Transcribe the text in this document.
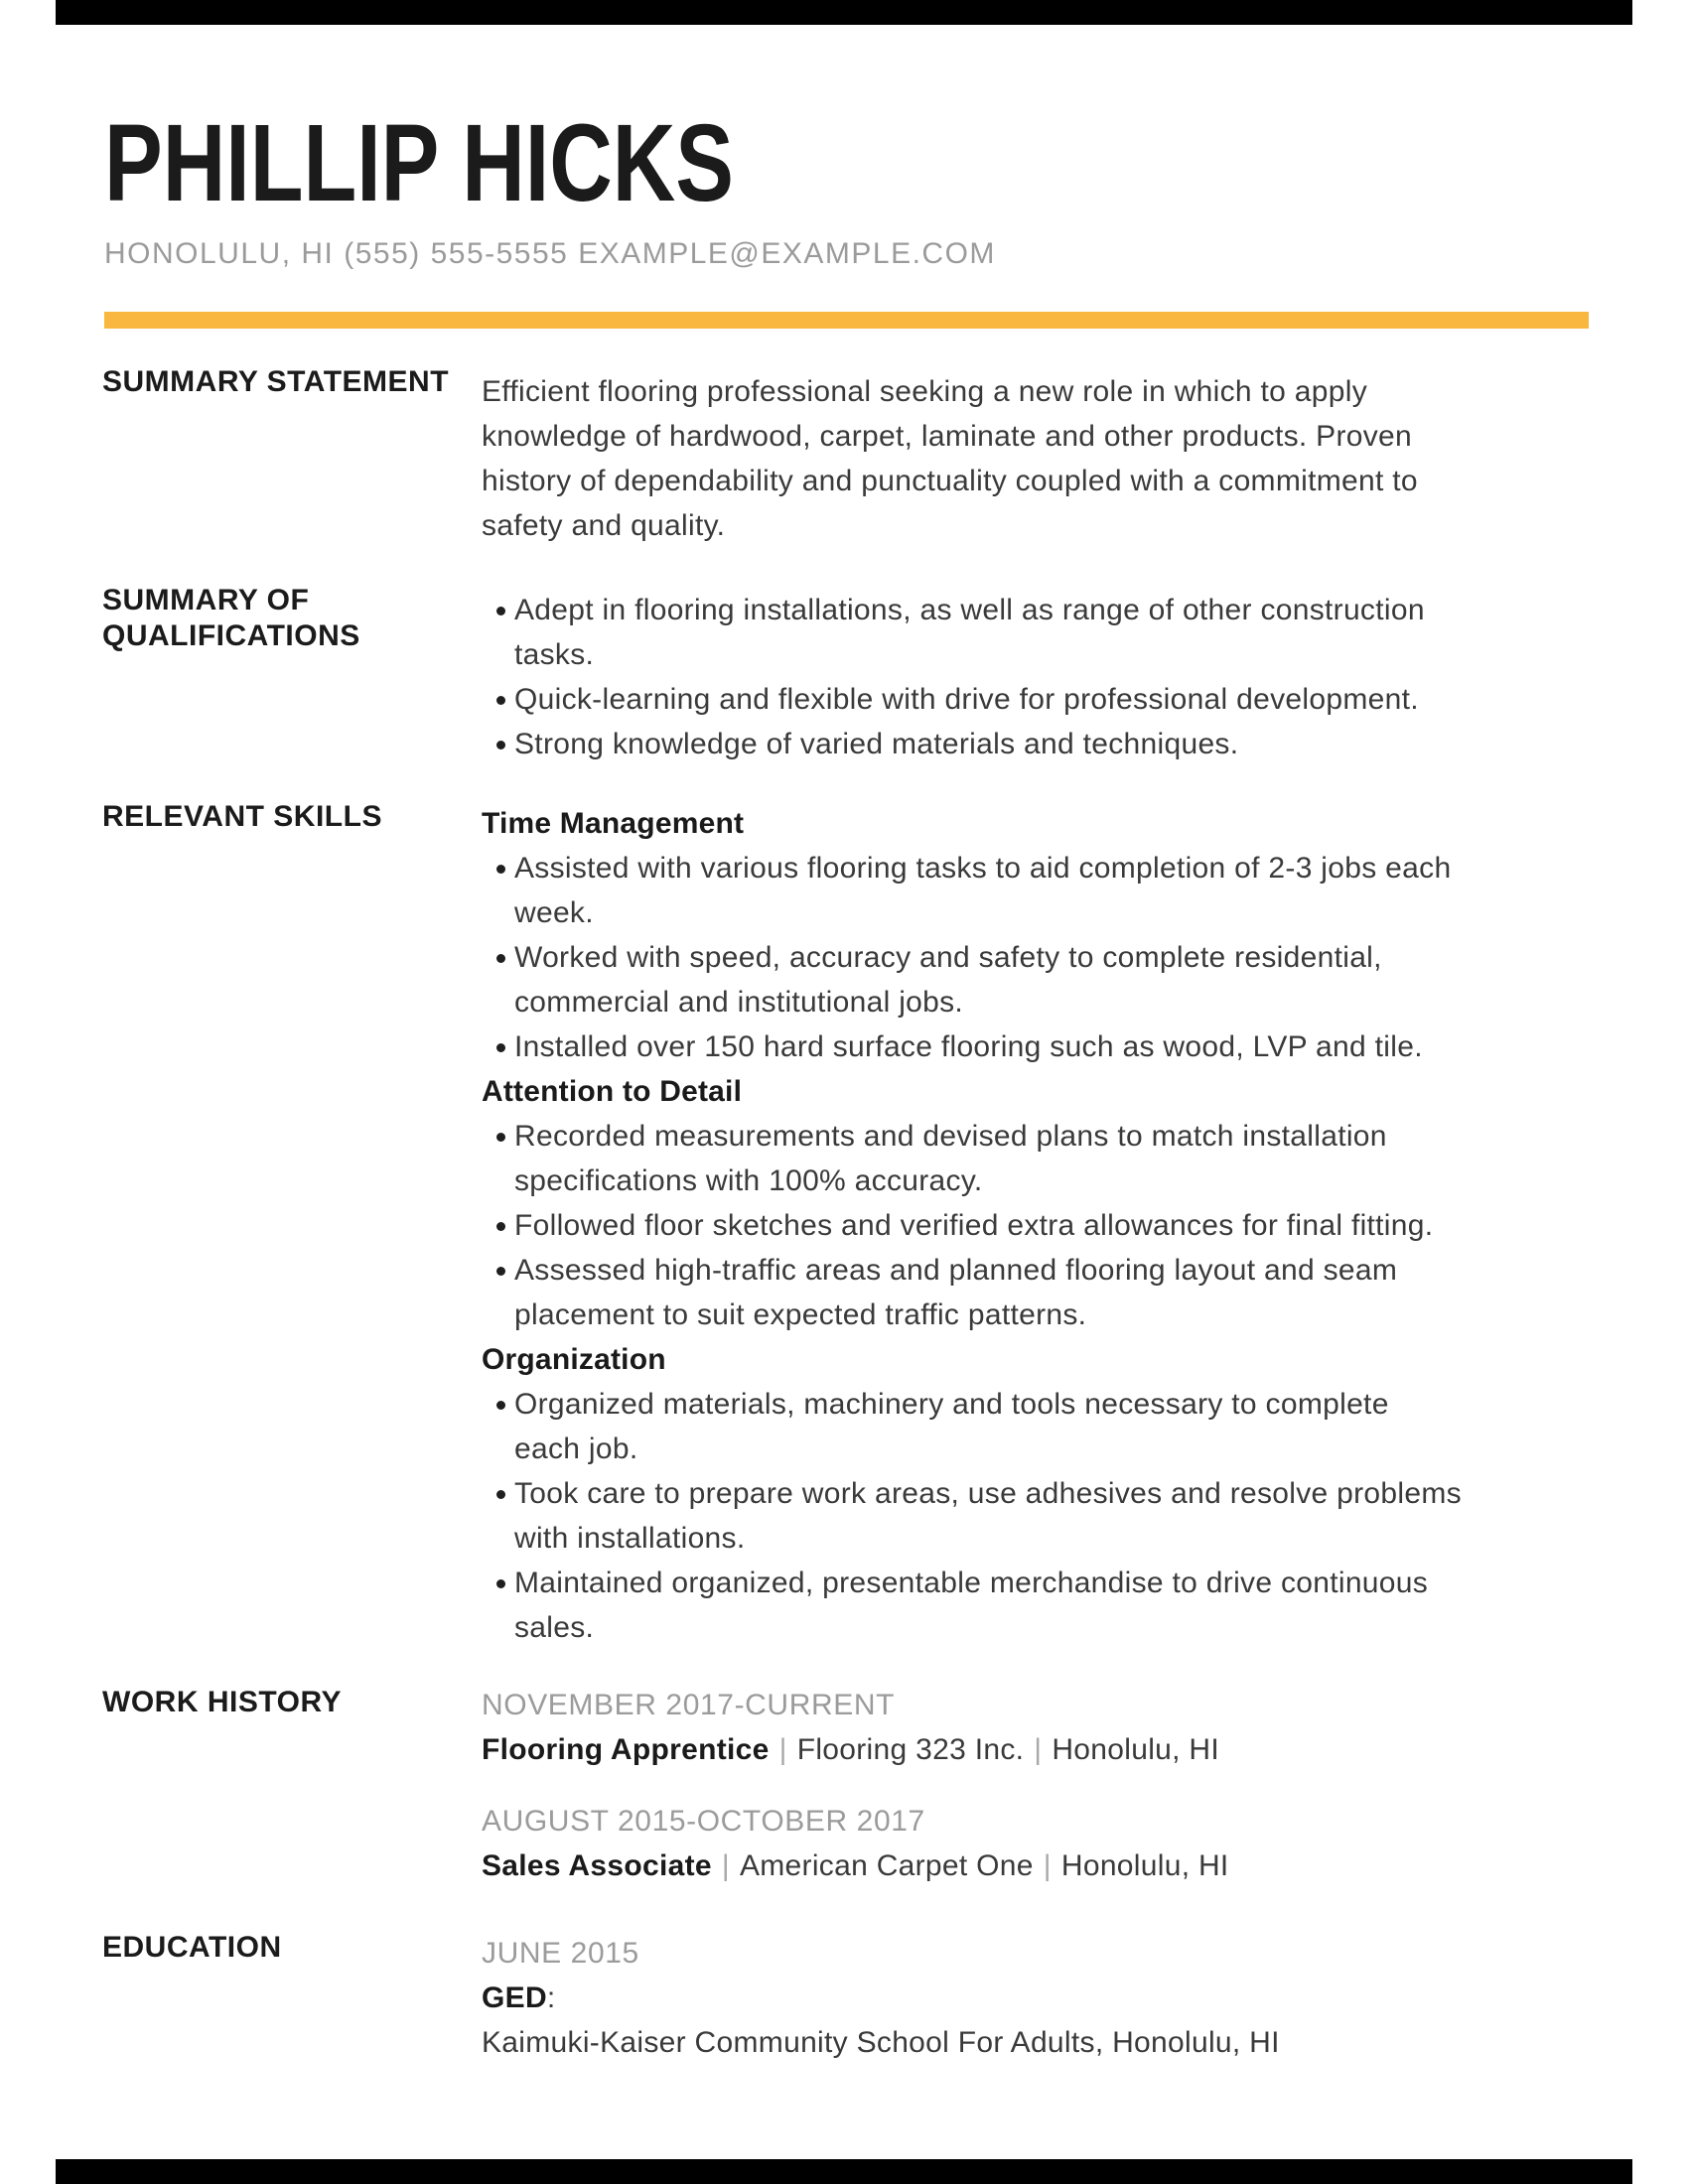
PHILLIP HICKS
HONOLULU, HI (555) 555-5555 EXAMPLE@EXAMPLE.COM
SUMMARY STATEMENT
SUMMARY OF
QUALIFICATIONS
RELEVANT SKILLS
WORK HISTORY
EDUCATION
Efficient flooring professional seeking a new role in which to apply
knowledge of hardwood, carpet, laminate and other products. Proven
history of dependability and punctuality coupled with a commitment to
safety and quality.
Adept in flooring installations, as well as range of other construction
tasks.
Quick-learning and flexible with drive for professional development.
Strong knowledge of varied materials and techniques.
Time Management
Assisted with various flooring tasks to aid completion of 2-3 jobs each
week.
Worked with speed, accuracy and safety to complete residential,
commercial and institutional jobs.
Installed over 150 hard surface flooring such as wood, LVP and tile.
Attention to Detail
Recorded measurements and devised plans to match installation
specifications with 100% accuracy.
Followed floor sketches and verified extra allowances for final fitting.
Assessed high-traffic areas and planned flooring layout and seam
placement to suit expected traffic patterns.
Organization
Organized materials, machinery and tools necessary to complete
each job.
Took care to prepare work areas, use adhesives and resolve problems
with installations.
Maintained organized, presentable merchandise to drive continuous
sales.
NOVEMBER 2017-CURRENT
Flooring Apprentice | Flooring 323 Inc. | Honolulu, HI
AUGUST 2015-OCTOBER 2017
Sales Associate | American Carpet One | Honolulu, HI
JUNE 2015
GED:
Kaimuki-Kaiser Community School For Adults, Honolulu, HI
